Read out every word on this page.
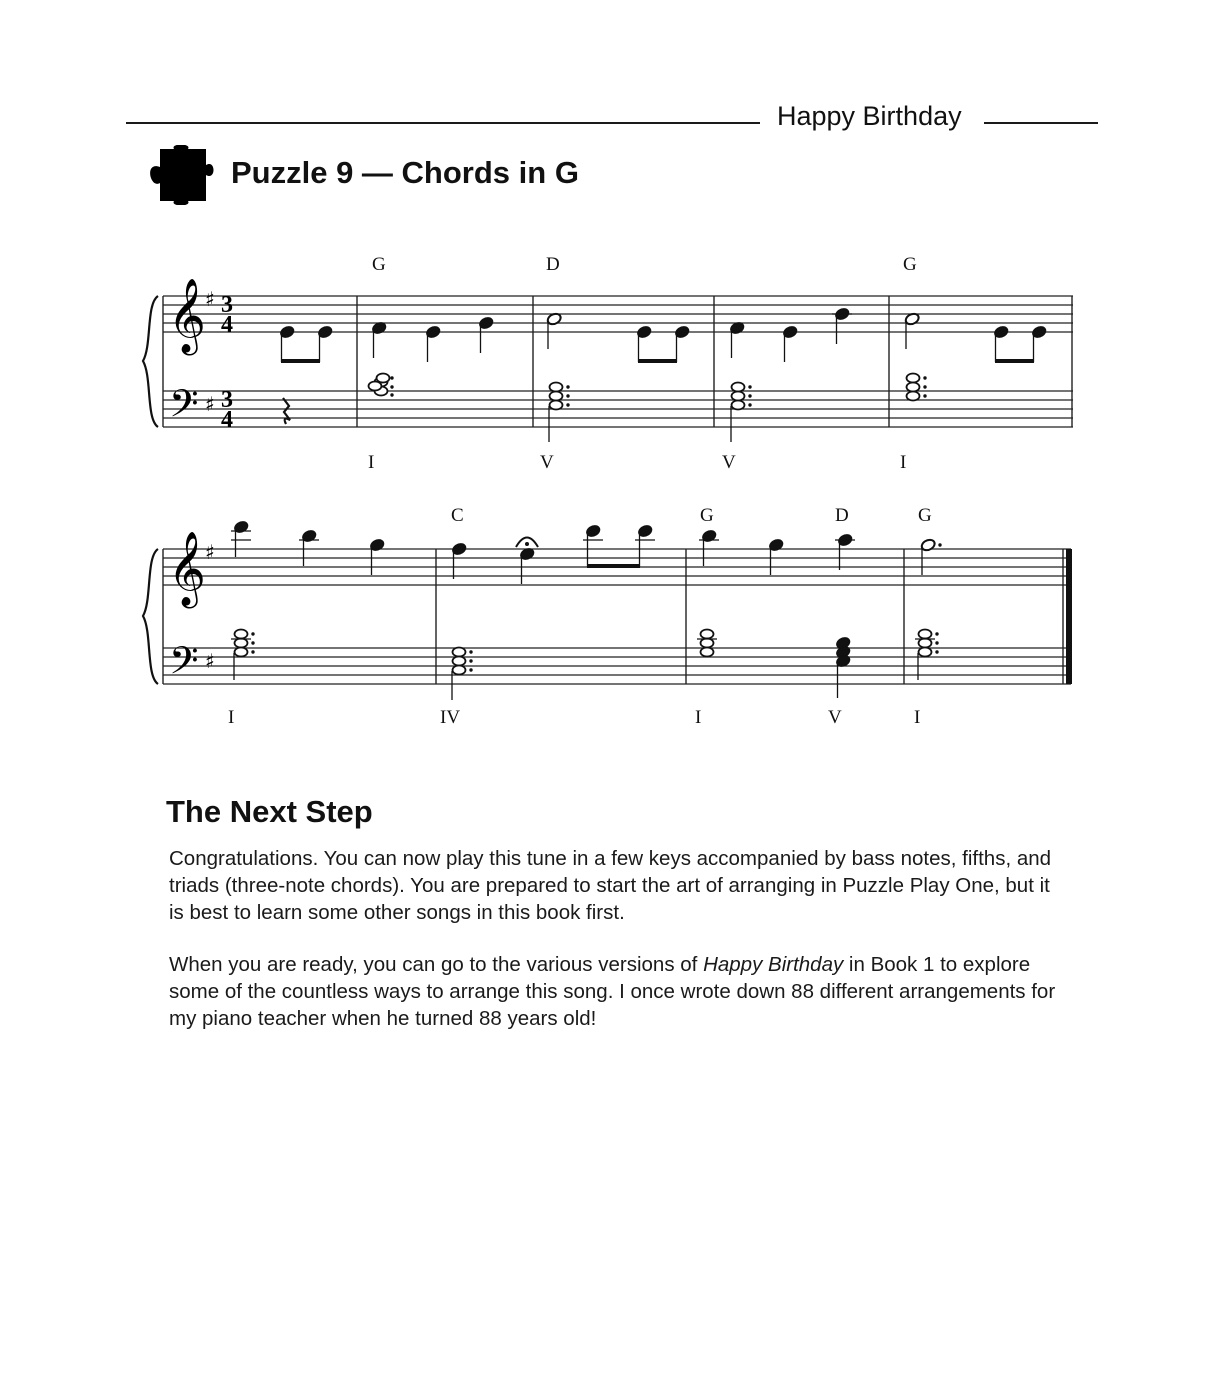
Happy Birthday
Puzzle 9 — Chords in G
𝄞
𝄢
♯
♯
3
4
3
4
G	D	G
I	V	V	I
𝄞
𝄢
♯
♯
C	G	D	G
I	IV	I	V	I
The Next Step

Congratulations. You can now play this tune in a few keys accompanied by bass notes, fifths, and triads (three-note chords). You are prepared to start the art of arranging in Puzzle Play One, but it is best to learn some other songs in this book first.

When you are ready, you can go to the various versions of Happy Birthday in Book 1 to explore some of the countless ways to arrange this song. I once wrote down 88 different arrangements for my piano teacher when he turned 88 years old!
